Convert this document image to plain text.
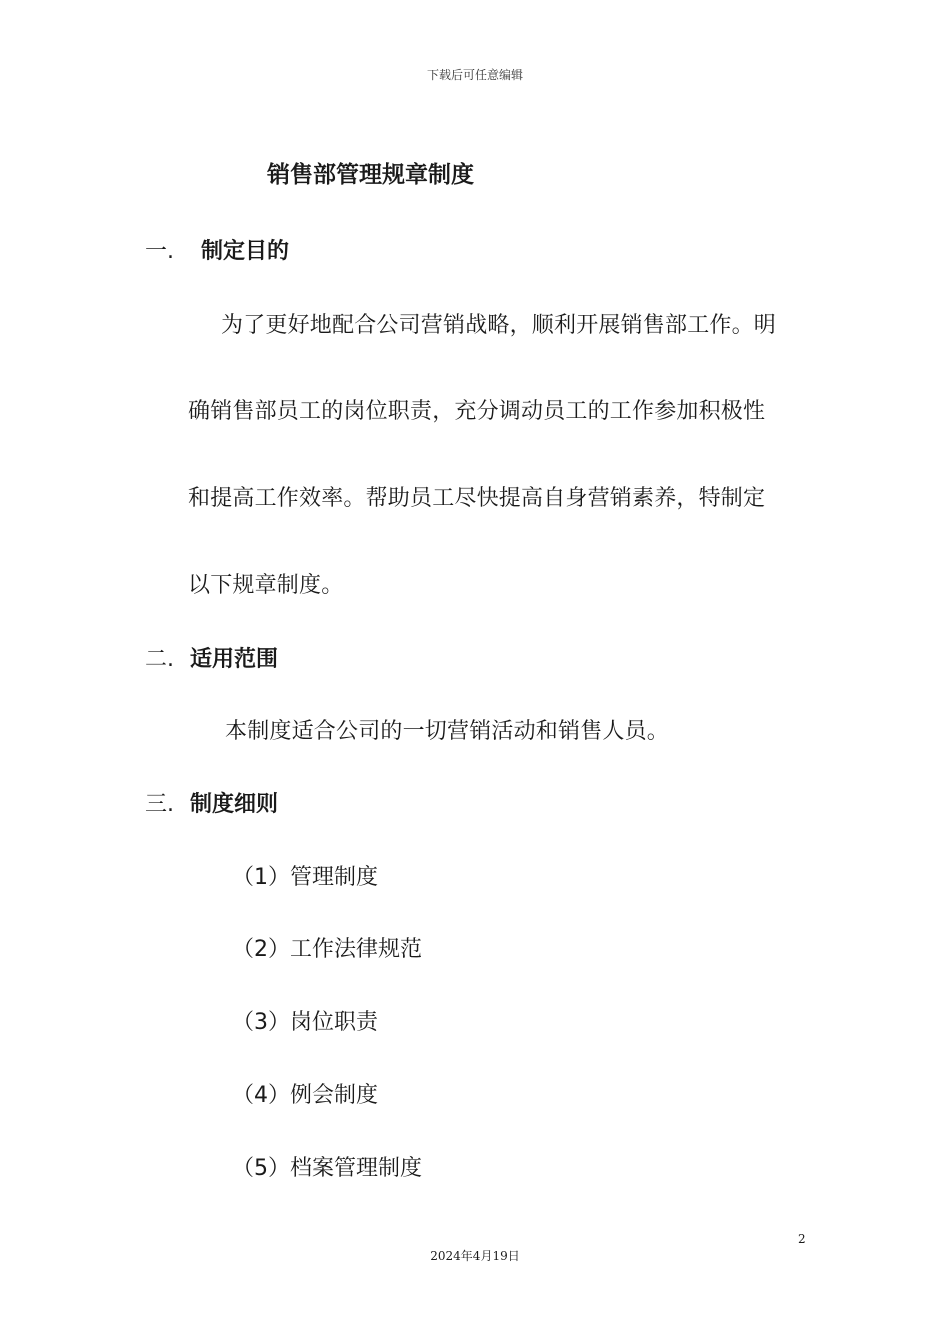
下载后可任意编辑
销售部管理规章制度
一. 制定目的
为了更好地配合公司营销战略，顺利开展销售部工作。明
确销售部员工的岗位职责，充分调动员工的工作参加积极性
和提高工作效率。帮助员工尽快提高自身营销素养，特制定
以下规章制度。
二. 适用范围
本制度适合公司的一切营销活动和销售人员。
三. 制度细则
（1）管理制度
（2）工作法律规范
（3）岗位职责
（4）例会制度
（5）档案管理制度
2
2024年4月19日
